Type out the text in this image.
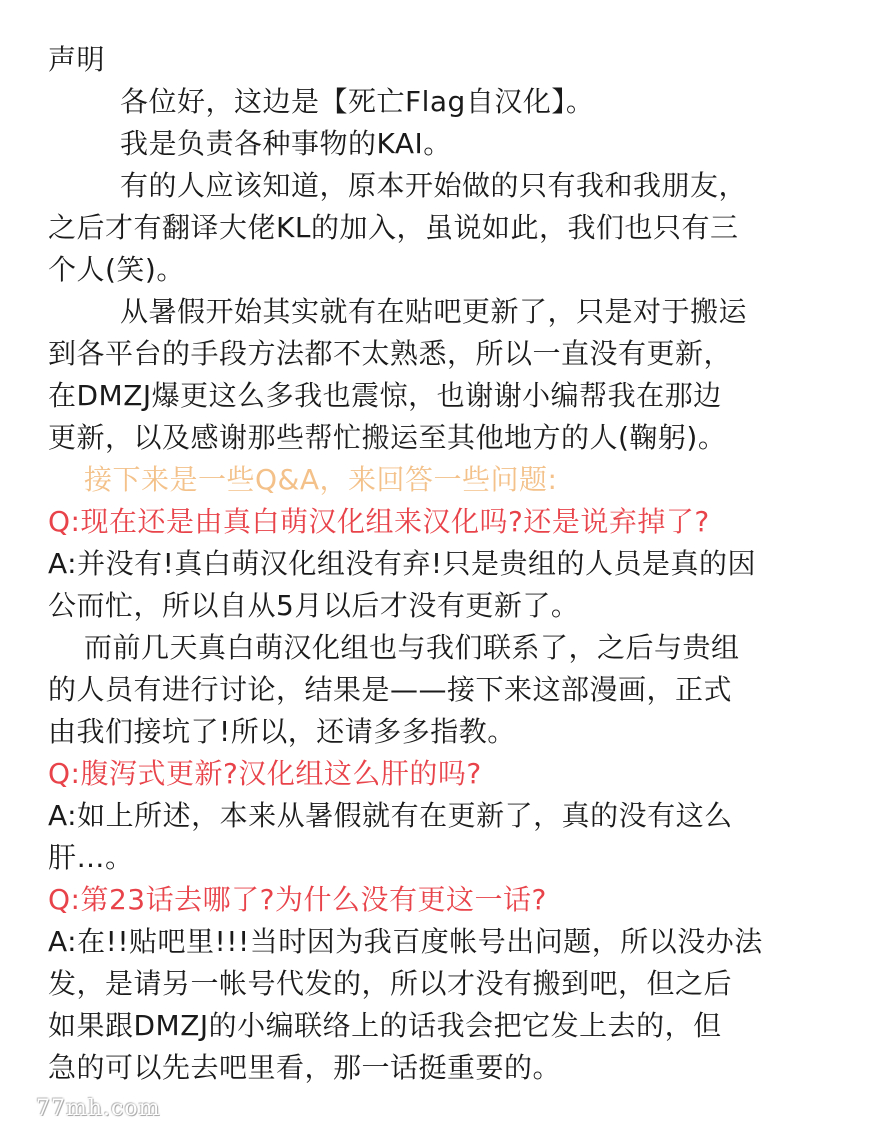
声明
各位好，这边是【死亡Flag自汉化】。
我是负责各种事物的KAI。
有的人应该知道，原本开始做的只有我和我朋友，
之后才有翻译大佬KL的加入，虽说如此，我们也只有三
个人(笑)。
从暑假开始其实就有在贴吧更新了，只是对于搬运
到各平台的手段方法都不太熟悉，所以一直没有更新，
在DMZJ爆更这么多我也震惊，也谢谢小编帮我在那边
更新，以及感谢那些帮忙搬运至其他地方的人(鞠躬)。
接下来是一些Q&A，来回答一些问题:
Q:现在还是由真白萌汉化组来汉化吗?还是说弃掉了?
A:并没有!真白萌汉化组没有弃!只是贵组的人员是真的因
公而忙，所以自从5月以后才没有更新了。
而前几天真白萌汉化组也与我们联系了，之后与贵组
的人员有进行讨论，结果是——接下来这部漫画，正式
由我们接坑了!所以，还请多多指教。
Q:腹泻式更新?汉化组这么肝的吗?
A:如上所述，本来从暑假就有在更新了，真的没有这么
肝…。
Q:第23话去哪了?为什么没有更这一话?
A:在!!贴吧里!!!当时因为我百度帐号出问题，所以没办法
发，是请另一帐号代发的，所以才没有搬到吧，但之后
如果跟DMZJ的小编联络上的话我会把它发上去的，但
急的可以先去吧里看，那一话挺重要的。
77mh.com
